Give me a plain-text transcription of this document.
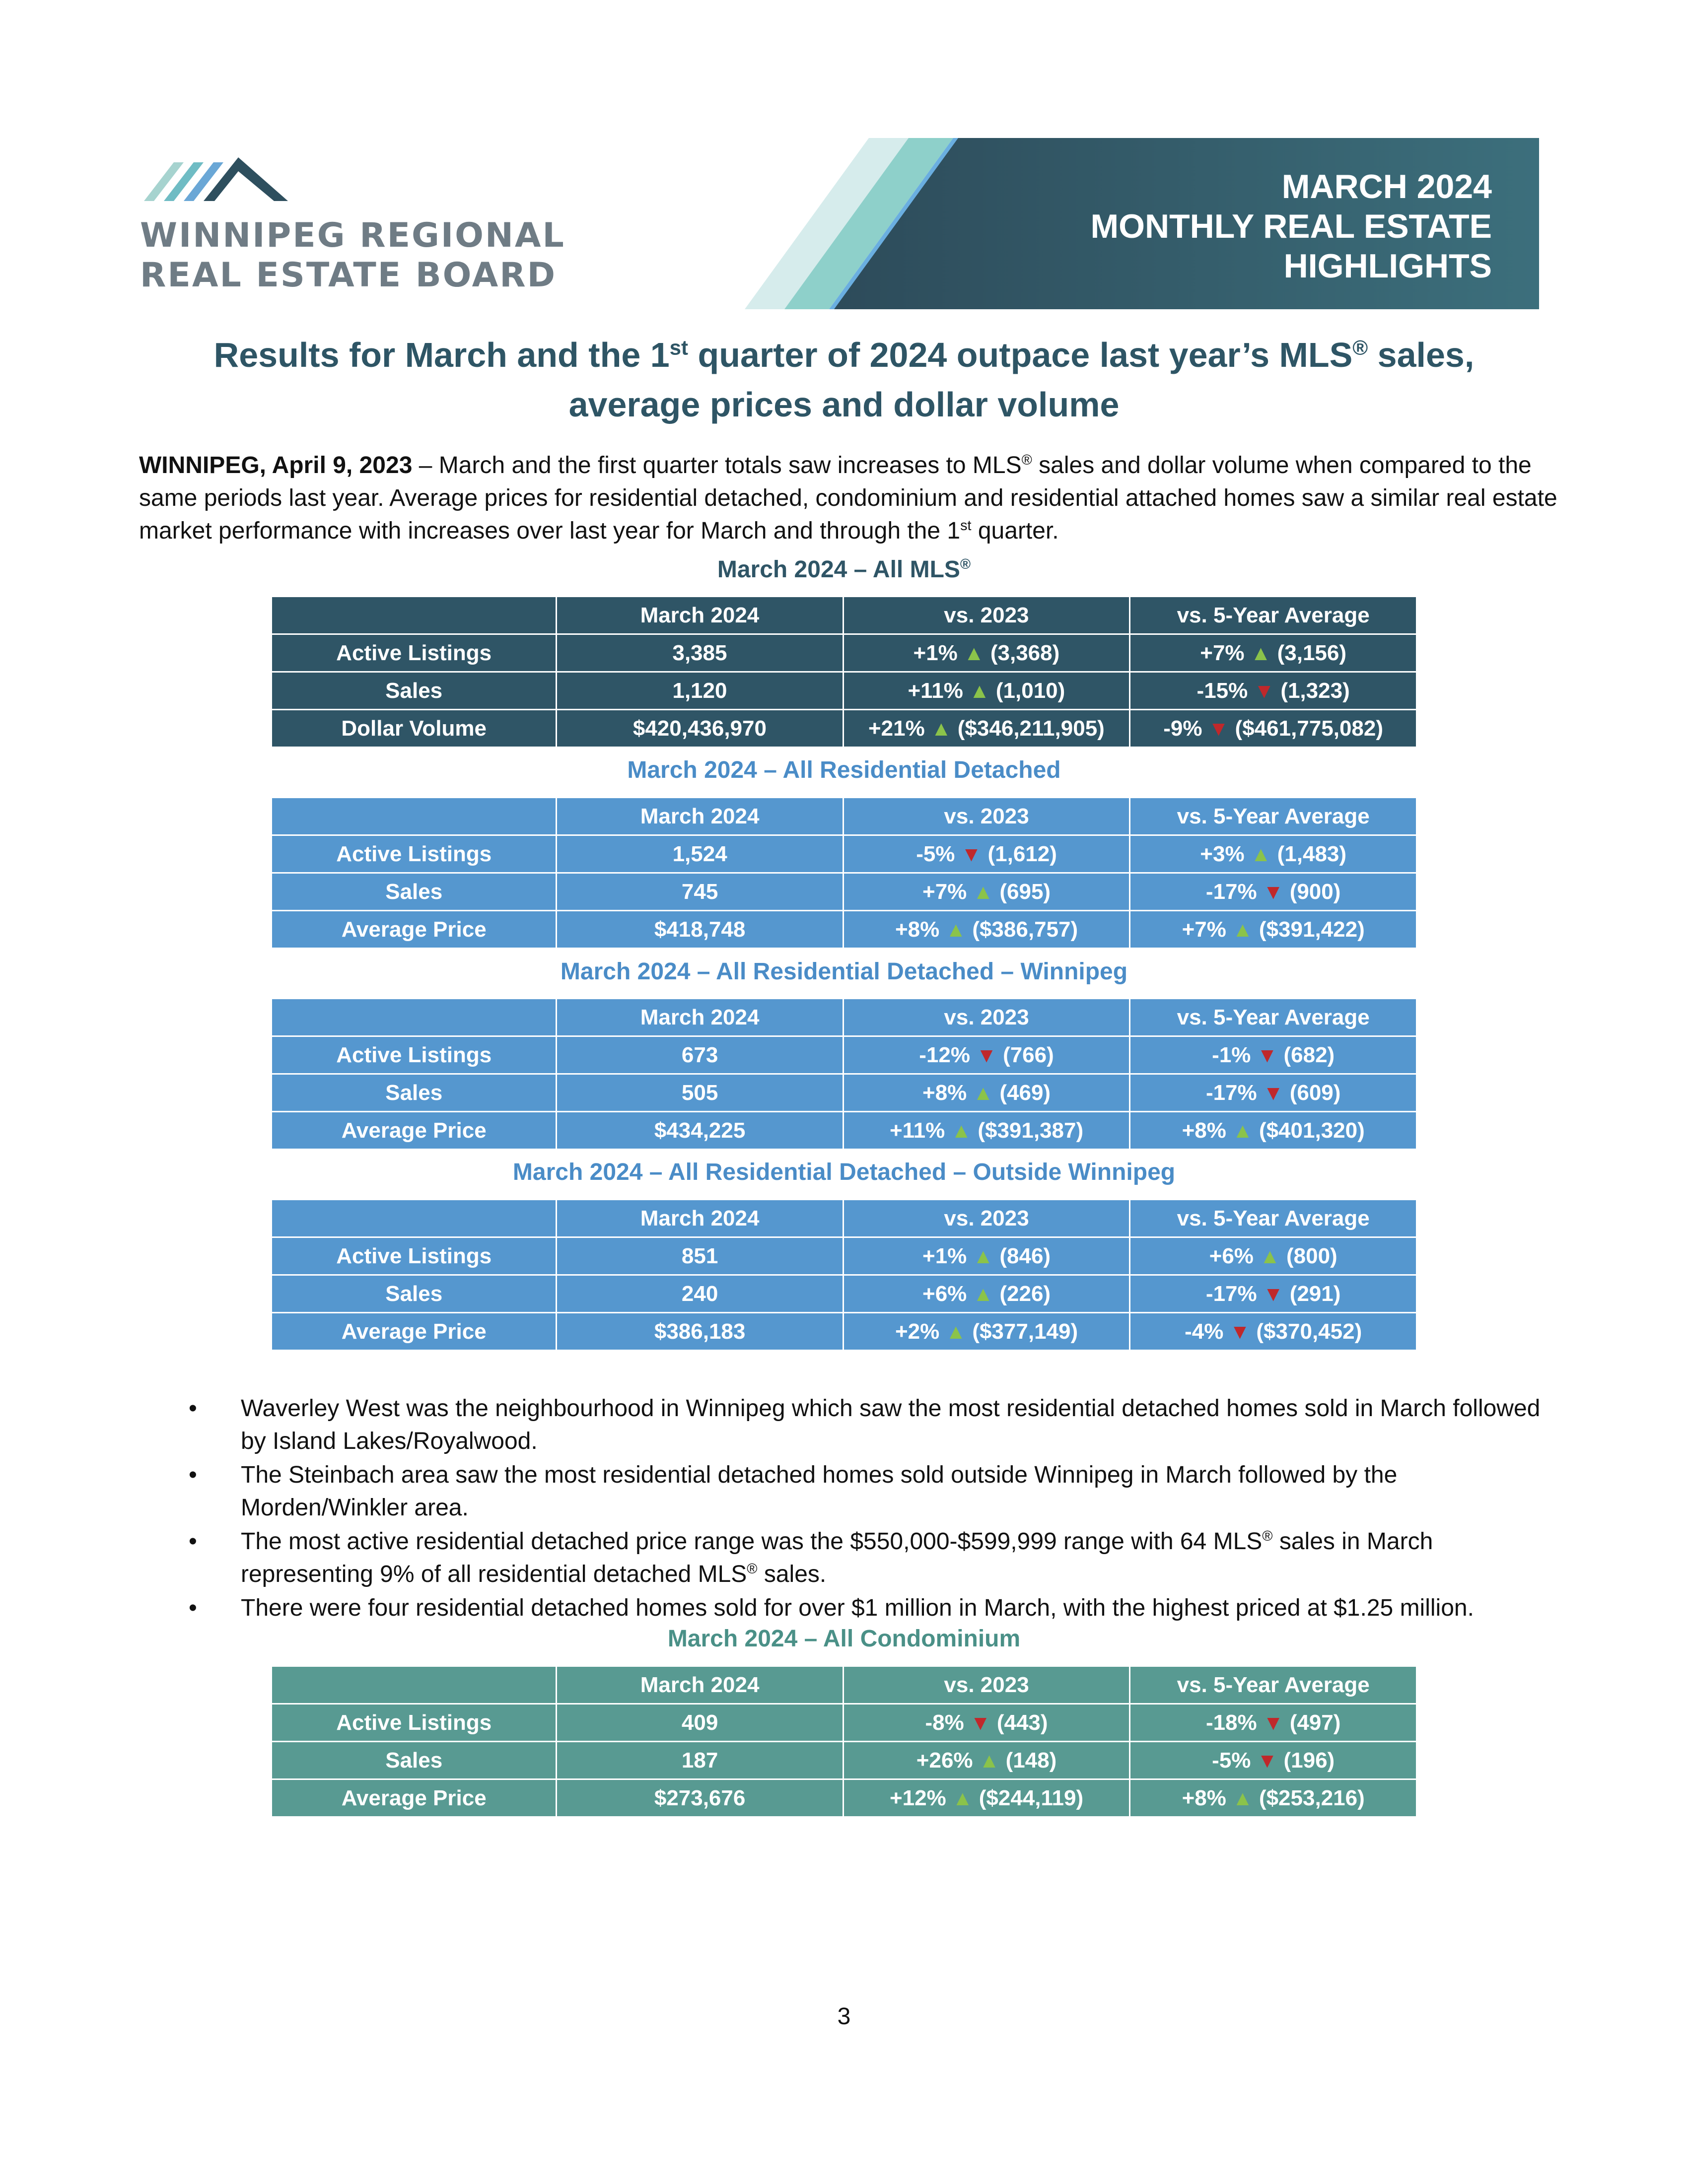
WINNIPEG REGIONAL
REAL ESTATE BOARD
MARCH 2024
MONTHLY REAL ESTATE
HIGHLIGHTS
Results for March and the 1st quarter of 2024 outpace last year’s MLS® sales,
average prices and dollar volume

WINNIPEG, April 9, 2023 – March and the first quarter totals saw increases to MLS® sales and dollar volume when compared to the same periods last year. Average prices for residential detached, condominium and residential attached homes saw a similar real estate market performance with increases over last year for March and through the 1st quarter.

March 2024 – All MLS®
	March 2024	vs. 2023	vs. 5-Year Average
Active Listings	3,385	+1% ▲ (3,368)	+7% ▲ (3,156)
Sales	1,120	+11% ▲ (1,010)	-15% ▼ (1,323)
Dollar Volume	$420,436,970	+21% ▲ ($346,211,905)	-9% ▼ ($461,775,082)
March 2024 – All Residential Detached
	March 2024	vs. 2023	vs. 5-Year Average
Active Listings	1,524	-5% ▼ (1,612)	+3% ▲ (1,483)
Sales	745	+7% ▲ (695)	-17% ▼ (900)
Average Price	$418,748	+8% ▲ ($386,757)	+7% ▲ ($391,422)
March 2024 – All Residential Detached – Winnipeg
	March 2024	vs. 2023	vs. 5-Year Average
Active Listings	673	-12% ▼ (766)	-1% ▼ (682)
Sales	505	+8% ▲ (469)	-17% ▼ (609)
Average Price	$434,225	+11% ▲ ($391,387)	+8% ▲ ($401,320)
March 2024 – All Residential Detached – Outside Winnipeg
	March 2024	vs. 2023	vs. 5-Year Average
Active Listings	851	+1% ▲ (846)	+6% ▲ (800)
Sales	240	+6% ▲ (226)	-17% ▼ (291)
Average Price	$386,183	+2% ▲ ($377,149)	-4% ▼ ($370,452)
• Waverley West was the neighbourhood in Winnipeg which saw the most residential detached homes sold in March followed by Island Lakes/Royalwood.
• The Steinbach area saw the most residential detached homes sold outside Winnipeg in March followed by the Morden/Winkler area.
• The most active residential detached price range was the $550,000-$599,999 range with 64 MLS® sales in March representing 9% of all residential detached MLS® sales.
• There were four residential detached homes sold for over $1 million in March, with the highest priced at $1.25 million.
March 2024 – All Condominium
	March 2024	vs. 2023	vs. 5-Year Average
Active Listings	409	-8% ▼ (443)	-18% ▼ (497)
Sales	187	+26% ▲ (148)	-5% ▼ (196)
Average Price	$273,676	+12% ▲ ($244,119)	+8% ▲ ($253,216)
3
